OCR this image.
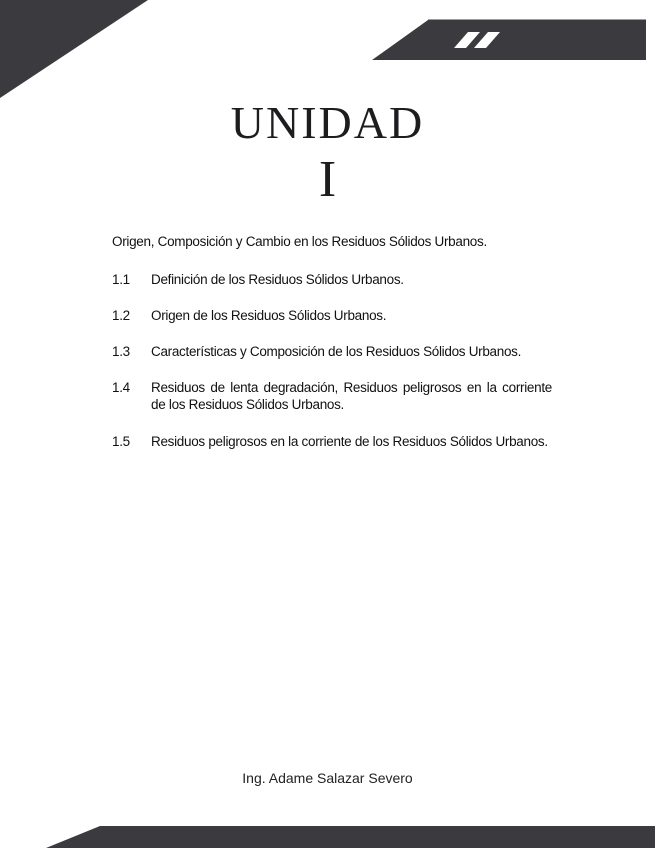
UNIDAD
I

Origen, Composición y Cambio en los Residuos Sólidos Urbanos.

1.1	Definición de los Residuos Sólidos Urbanos.
1.2	Origen de los Residuos Sólidos Urbanos.
1.3	Características y Composición de los Residuos Sólidos Urbanos.
1.4	Residuos de lenta degradación, Residuos peligrosos en la corriente de los Residuos Sólidos Urbanos.
1.5	Residuos peligrosos en la corriente de los Residuos Sólidos Urbanos.
Ing. Adame Salazar Severo
